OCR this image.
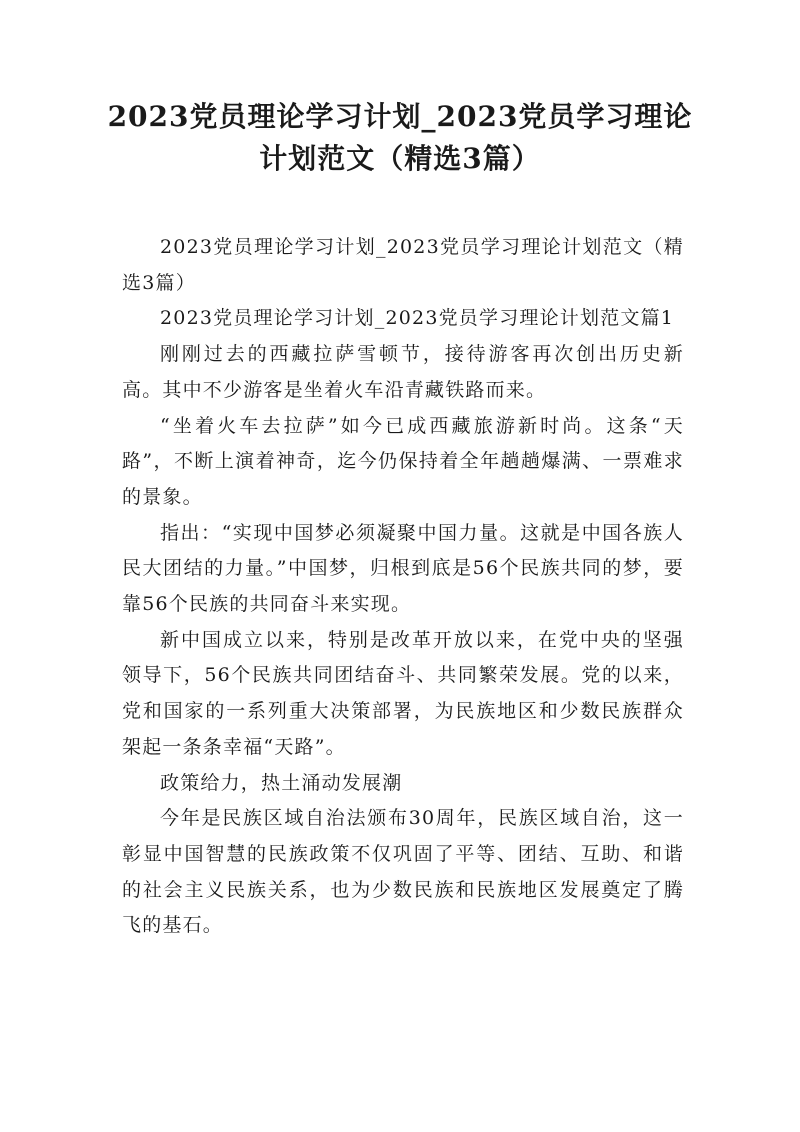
2023党员理论学习计划_2023党员学习理论计划范文（精选3篇）

2023党员理论学习计划_2023党员学习理论计划范文（精选3篇）

2023党员理论学习计划_2023党员学习理论计划范文篇1

刚刚过去的西藏拉萨雪顿节，接待游客再次创出历史新高。其中不少游客是坐着火车沿青藏铁路而来。

“坐着火车去拉萨”如今已成西藏旅游新时尚。这条“天路”，不断上演着神奇，迄今仍保持着全年趟趟爆满、一票难求的景象。

指出：“实现中国梦必须凝聚中国力量。这就是中国各族人民大团结的力量。”中国梦，归根到底是56个民族共同的梦，要靠56个民族的共同奋斗来实现。

新中国成立以来，特别是改革开放以来，在党中央的坚强领导下，56个民族共同团结奋斗、共同繁荣发展。党的以来，党和国家的一系列重大决策部署，为民族地区和少数民族群众架起一条条幸福“天路”。

政策给力，热土涌动发展潮

今年是民族区域自治法颁布30周年，民族区域自治，这一彰显中国智慧的民族政策不仅巩固了平等、团结、互助、和谐的社会主义民族关系，也为少数民族和民族地区发展奠定了腾飞的基石。
